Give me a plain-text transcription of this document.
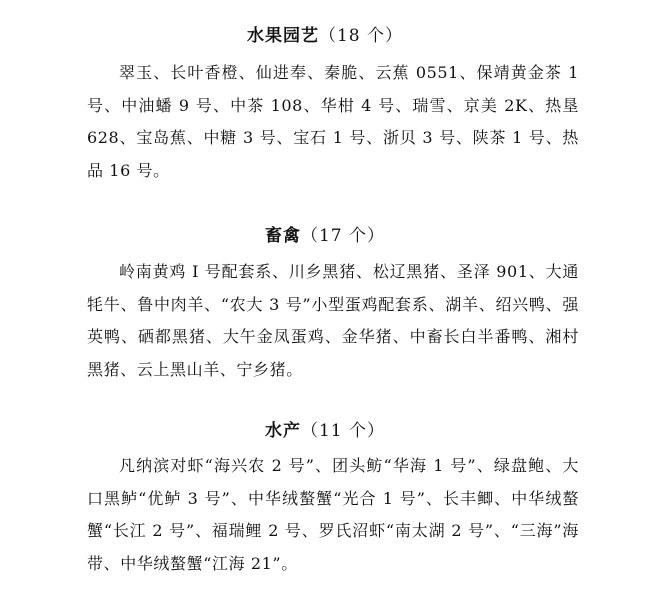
水果园艺（18 个）

翠玉、长叶香橙、仙进奉、秦脆、云蕉 0551、保靖黄金茶 1 号、中油蟠 9 号、中茶 108、华柑 4 号、瑞雪、京美 2K、热垦 628、宝岛蕉、中糖 3 号、宝石 1 号、浙贝 3 号、陕茶 1 号、热品 16 号。

畜禽（17 个）

岭南黄鸡 I 号配套系、川乡黑猪、松辽黑猪、圣泽 901、大通牦牛、鲁中肉羊、“农大 3 号”小型蛋鸡配套系、湖羊、绍兴鸭、强英鸭、硒都黑猪、大午金凤蛋鸡、金华猪、中畜长白半番鸭、湘村黑猪、云上黑山羊、宁乡猪。

水产（11 个）

凡纳滨对虾“海兴农 2 号”、团头鲂“华海 1 号”、绿盘鲍、大口黑鲈“优鲈 3 号”、中华绒螯蟹“光合 1 号”、长丰鲫、中华绒螯蟹“长江 2 号”、福瑞鲤 2 号、罗氏沼虾“南太湖 2 号”、“三海”海带、中华绒螯蟹“江海 21”。
